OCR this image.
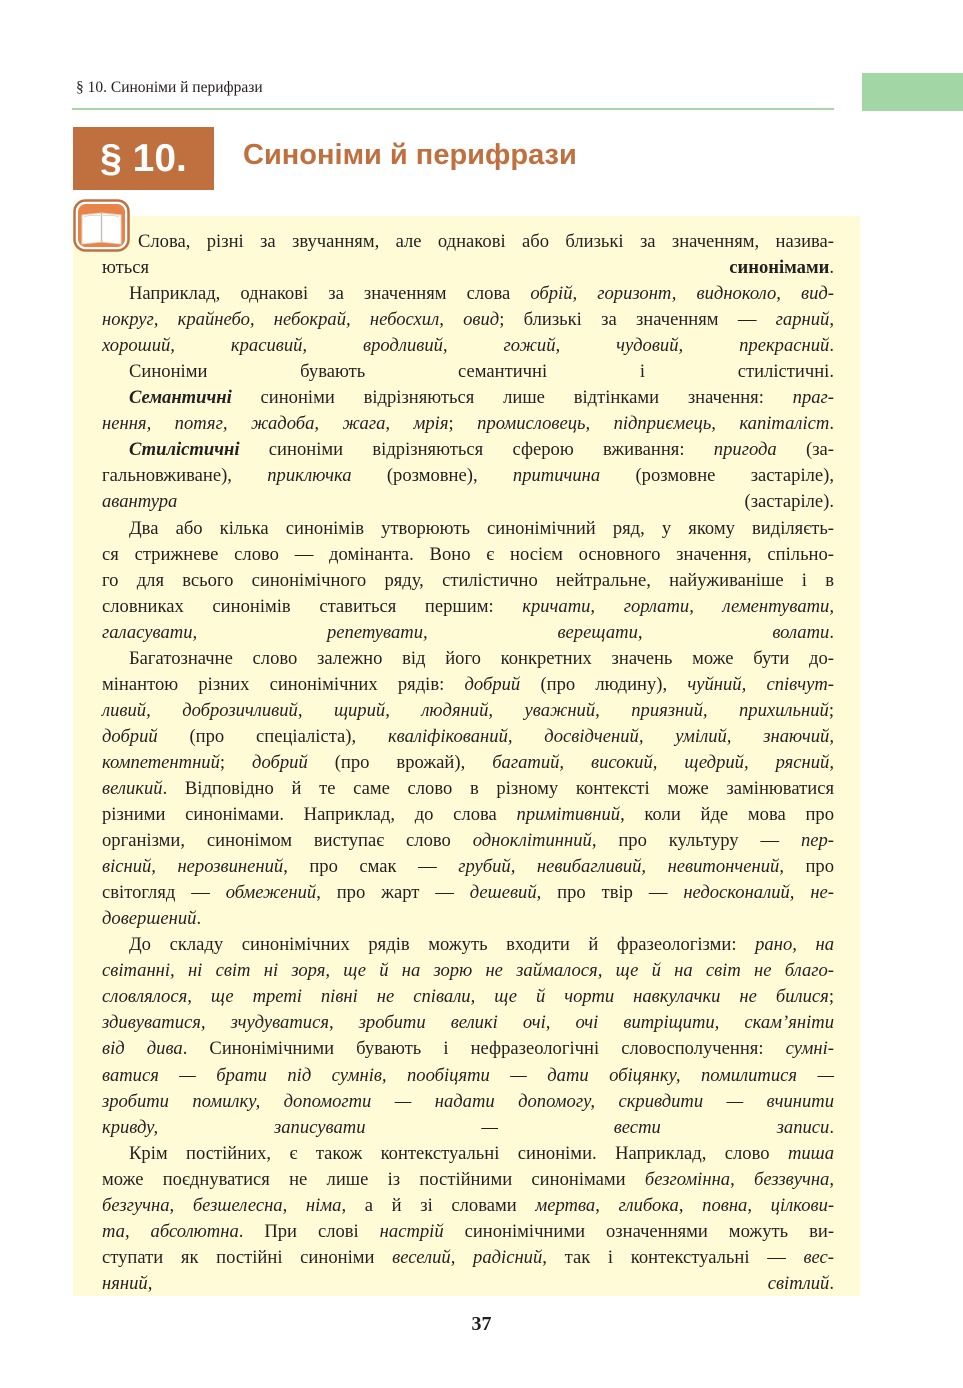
§ 10. Синоніми й перифрази
§ 10.	Синоніми й перифрази

Слова, різні за звучанням, але однакові або близькі за значенням, назива-
ються синонімами.

Наприклад, однакові за значенням слова обрій, горизонт, видноколо, вид-
нокруг, крайнебо, небокрай, небосхил, овид; близькі за значенням — гарний,
хороший, красивий, вродливий, гожий, чудовий, прекрасний.

Синоніми бувають семантичні і стилістичні.

Семантичні синоніми відрізняються лише відтінками значення: праг-
нення, потяг, жадоба, жага, мрія; промисловець, підприємець, капіталіст.

Стилістичні синоніми відрізняються сферою вживання: пригода (за-
гальновживане), приключка (розмовне), притичина (розмовне застаріле),
авантура (застаріле).

Два або кілька синонімів утворюють синонімічний ряд, у якому виділяєть-
ся стрижневе слово — домінанта. Воно є носієм основного значення, спільно-
го для всього синонімічного ряду, стилістично нейтральне, найуживаніше і в
словниках синонімів ставиться першим: кричати, горлати, лементувати,
галасувати, репетувати, верещати, волати.

Багатозначне слово залежно від його конкретних значень може бути до-
мінантою різних синонімічних рядів: добрий (про людину), чуйний, співчут-
ливий, доброзичливий, щирий, людяний, уважний, приязний, прихильний;
добрий (про спеціаліста), кваліфікований, досвідчений, умілий, знаючий,
компетентний; добрий (про врожай), багатий, високий, щедрий, рясний,
великий. Відповідно й те саме слово в різному контексті може замінюватися
різними синонімами. Наприклад, до слова примітивний, коли йде мова про
організми, синонімом виступає слово одноклітинний, про культуру — пер-
вісний, нерозвинений, про смак — грубий, невибагливий, невитончений, про
світогляд — обмежений, про жарт — дешевий, про твір — недосконалий, не-
довершений.

До складу синонімічних рядів можуть входити й фразеологізми: рано, на
світанні, ні світ ні зоря, ще й на зорю не займалося, ще й на світ не благо-
словлялося, ще треті півні не співали, ще й чорти навкулачки не билися;
здивуватися, зчудуватися, зробити великі очі, очі витріщити, скам’яніти
від дива. Синонімічними бувають і нефразеологічні словосполучення: сумні-
ватися — брати під сумнів, пообіцяти — дати обіцянку, помилитися —
зробити помилку, допомогти — надати допомогу, скривдити — вчинити
кривду, записувати — вести записи.

Крім постійних, є також контекстуальні синоніми. Наприклад, слово тиша
може поєднуватися не лише із постійними синонімами безгомінна, беззвучна,
безгучна, безшелесна, німа, а й зі словами мертва, глибока, повна, цілкови-
та, абсолютна. При слові настрій синонімічними означеннями можуть ви-
ступати як постійні синоніми веселий, радісний, так і контекстуальні — вес-
няний, світлий.

37
